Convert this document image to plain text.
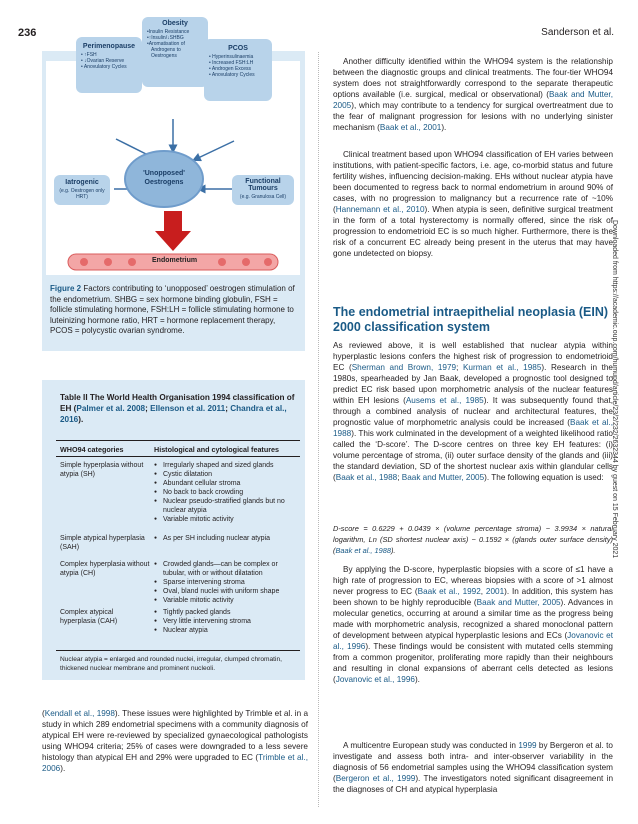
236	Sanderson et al.
Downloaded from https://academic.oup.com/humupd/article/23/2/232/2632344 by guest on 15 February 2021
Obesity
•Insulin Resistance
•↑Insulin/↓SHBG
•Aromatisation of
Androgens to
Oestrogens
Perimenopause
• ↑FSH
• ↓Ovarian Reserve
• Anovulatory Cycles
PCOS
• Hyperinsulinaemia
• Increased FSH:LH
• Androgen Excess
• Anovulatory Cycles
Iatrogenic
(e.g. Oestrogen only HRT)
Functional Tumours
(e.g. Granulosa Cell)
'Unopposed' Oestrogens
Endometrium
Figure 2 Factors contributing to ‘unopposed’ oestrogen stimulation of the endometrium. SHBG = sex hormone binding globulin, FSH = follicle stimulating hormone, FSH:LH = follicle stimulating hormone to luteinizing hormone ratio, HRT = hormone replacement therapy, PCOS = polycystic ovarian syndrome.
Table II The World Health Organisation 1994 classification of EH (Palmer et al. 2008; Ellenson et al. 2011; Chandra et al., 2016).
WHO94 categories	Histological and cytological features
Simple hyperplasia without atypia (SH)
● Irregularly shaped and sized glands
● Cystic dilatation
● Abundant cellular stroma
● No back to back crowding
● Nuclear pseudo-stratified glands but no nuclear atypia
● Variable mitotic activity
Simple atypical hyperplasia (SAH)
● As per SH including nuclear atypia
Complex hyperplasia without atypia (CH)
● Crowded glands—can be complex or tubular, with or without dilatation
● Sparse intervening stroma
● Oval, bland nuclei with uniform shape
● Variable mitotic activity
Complex atypical hyperplasia (CAH)
● Tightly packed glands
● Very little intervening stroma
● Nuclear atypia
Nuclear atypia = enlarged and rounded nuclei, irregular, clumped chromatin, thickened nuclear membrane and prominent nucleoli.
(Kendall et al., 1998). These issues were highlighted by Trimble et al. in a study in which 289 endometrial specimens with a community diagnosis of atypical EH were re-reviewed by specialized gynaecological pathologists using WHO94 criteria; 25% of cases were downgraded to a less severe histology than atypical EH and 29% were upgraded to EC (Trimble et al., 2006).
Another difficulty identified within the WHO94 system is the relationship between the diagnostic groups and clinical treatments. The four-tier WHO94 system does not straightforwardly correspond to the separate therapeutic options available (i.e. surgical, medical or observational) (Baak and Mutter, 2005), which may contribute to a tendency for surgical overtreatment due to the fear of malignant progression for lesions with no underlying sinister mechanism (Baak et al., 2001).
Clinical treatment based upon WHO94 classification of EH varies between institutions, with patient-specific factors, i.e. age, co-morbid status and future fertility wishes, influencing decision-making. EHs without nuclear atypia have been documented to regress back to normal endometrium in around 90% of cases, with no progression to malignancy but a recurrence rate of ~10% (Hannemann et al., 2010). When atypia is seen, definitive surgical treatment in the form of a total hysterectomy is normally offered, since the risk of progression to endometrioid EC is so much higher. Furthermore, there is the risk of a concurrent EC already being present in the uterus that may have gone undetected on biopsy.
The endometrial intraepithelial neoplasia (EIN) 2000 classification system
As reviewed above, it is well established that nuclear atypia within hyperplastic lesions confers the highest risk of progression to endometrioid EC (Sherman and Brown, 1979; Kurman et al., 1985). Research in the 1980s, spearheaded by Jan Baak, developed a prognostic tool designed to predict EC risk based upon morphometric analysis of the nuclear features within EH lesions (Ausems et al., 1985). It was subsequently found that, through a combined analysis of nuclear and architectural features, the prognostic value of morphometric analysis could be increased (Baak et al., 1988). This work culminated in the development of a weighted likelihood ratio called the ‘D-score’. The D-score centres on three key EH features: (i) volume percentage of stroma, (ii) outer surface density of the glands and (iii) the standard deviation, SD of the shortest nuclear axis within glandular cells (Baak et al., 1988; Baak and Mutter, 2005). The following equation is used:
D-score = 0.6229 + 0.0439 × (volume percentage stroma) − 3.9934 × natural logarithm, Ln (SD shortest nuclear axis) − 0.1592 × (glands outer surface density) (Baak et al., 1988).
By applying the D-score, hyperplastic biopsies with a score of ≤1 have a high rate of progression to EC, whereas biopsies with a score of >1 almost never progress to EC (Baak et al., 1992, 2001). In addition, this system has been shown to be highly reproducible (Baak and Mutter, 2005). Advances in molecular genetics, occurring at around a similar time as the progress being made with morphometric analysis, recognized a shared monoclonal pattern of development between atypical hyperplastic lesions and ECs (Jovanovic et al., 1996). These findings would be consistent with mutated cells stemming from a common progenitor, proliferating more rapidly than their neighbours and resulting in clonal expansions of aberrant cells detected as lesions (Jovanovic et al., 1996).
A multicentre European study was conducted in 1999 by Bergeron et al. to investigate and assess both intra- and inter-observer variability in the diagnosis of 56 endometrial samples using the WHO94 classification system (Bergeron et al., 1999). The investigators noted significant disagreement in the diagnoses of CH and atypical hyperplasia
